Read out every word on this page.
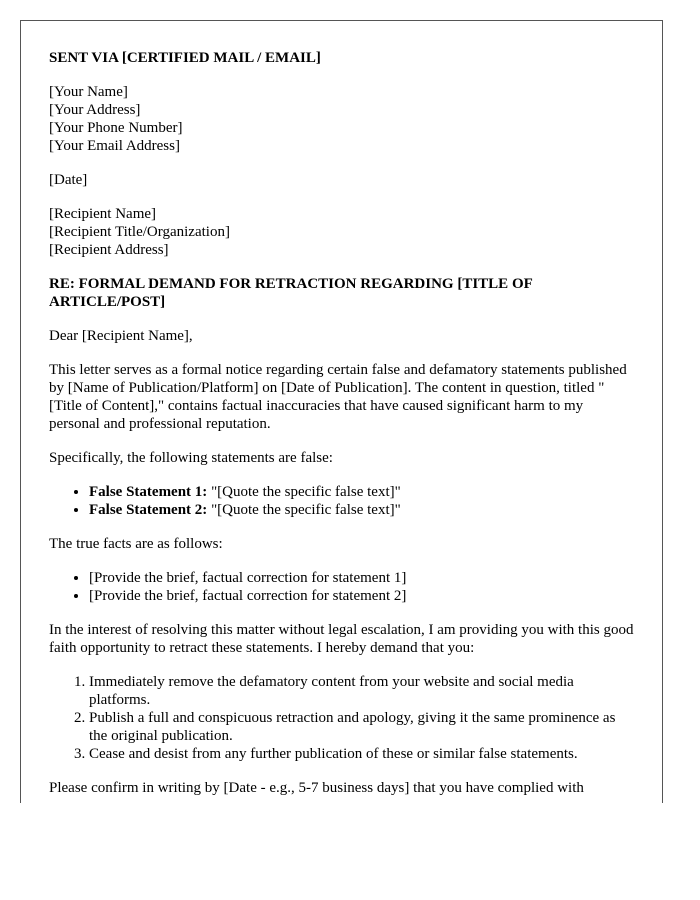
SENT VIA [CERTIFIED MAIL / EMAIL]

[Your Name]
[Your Address]
[Your Phone Number]
[Your Email Address]

[Date]

[Recipient Name]
[Recipient Title/Organization]
[Recipient Address]

RE: FORMAL DEMAND FOR RETRACTION REGARDING [TITLE OF ARTICLE/POST]

Dear [Recipient Name],

This letter serves as a formal notice regarding certain false and defamatory statements published by [Name of Publication/Platform] on [Date of Publication]. The content in question, titled "[Title of Content]," contains factual inaccuracies that have caused significant harm to my personal and professional reputation.

Specifically, the following statements are false:

• False Statement 1: "[Quote the specific false text]"
• False Statement 2: "[Quote the specific false text]"

The true facts are as follows:

• [Provide the brief, factual correction for statement 1]
• [Provide the brief, factual correction for statement 2]

In the interest of resolving this matter without legal escalation, I am providing you with this good faith opportunity to retract these statements. I hereby demand that you:

1. Immediately remove the defamatory content from your website and social media platforms.
2. Publish a full and conspicuous retraction and apology, giving it the same prominence as the original publication.
3. Cease and desist from any further publication of these or similar false statements.

Please confirm in writing by [Date - e.g., 5-7 business days] that you have complied with
